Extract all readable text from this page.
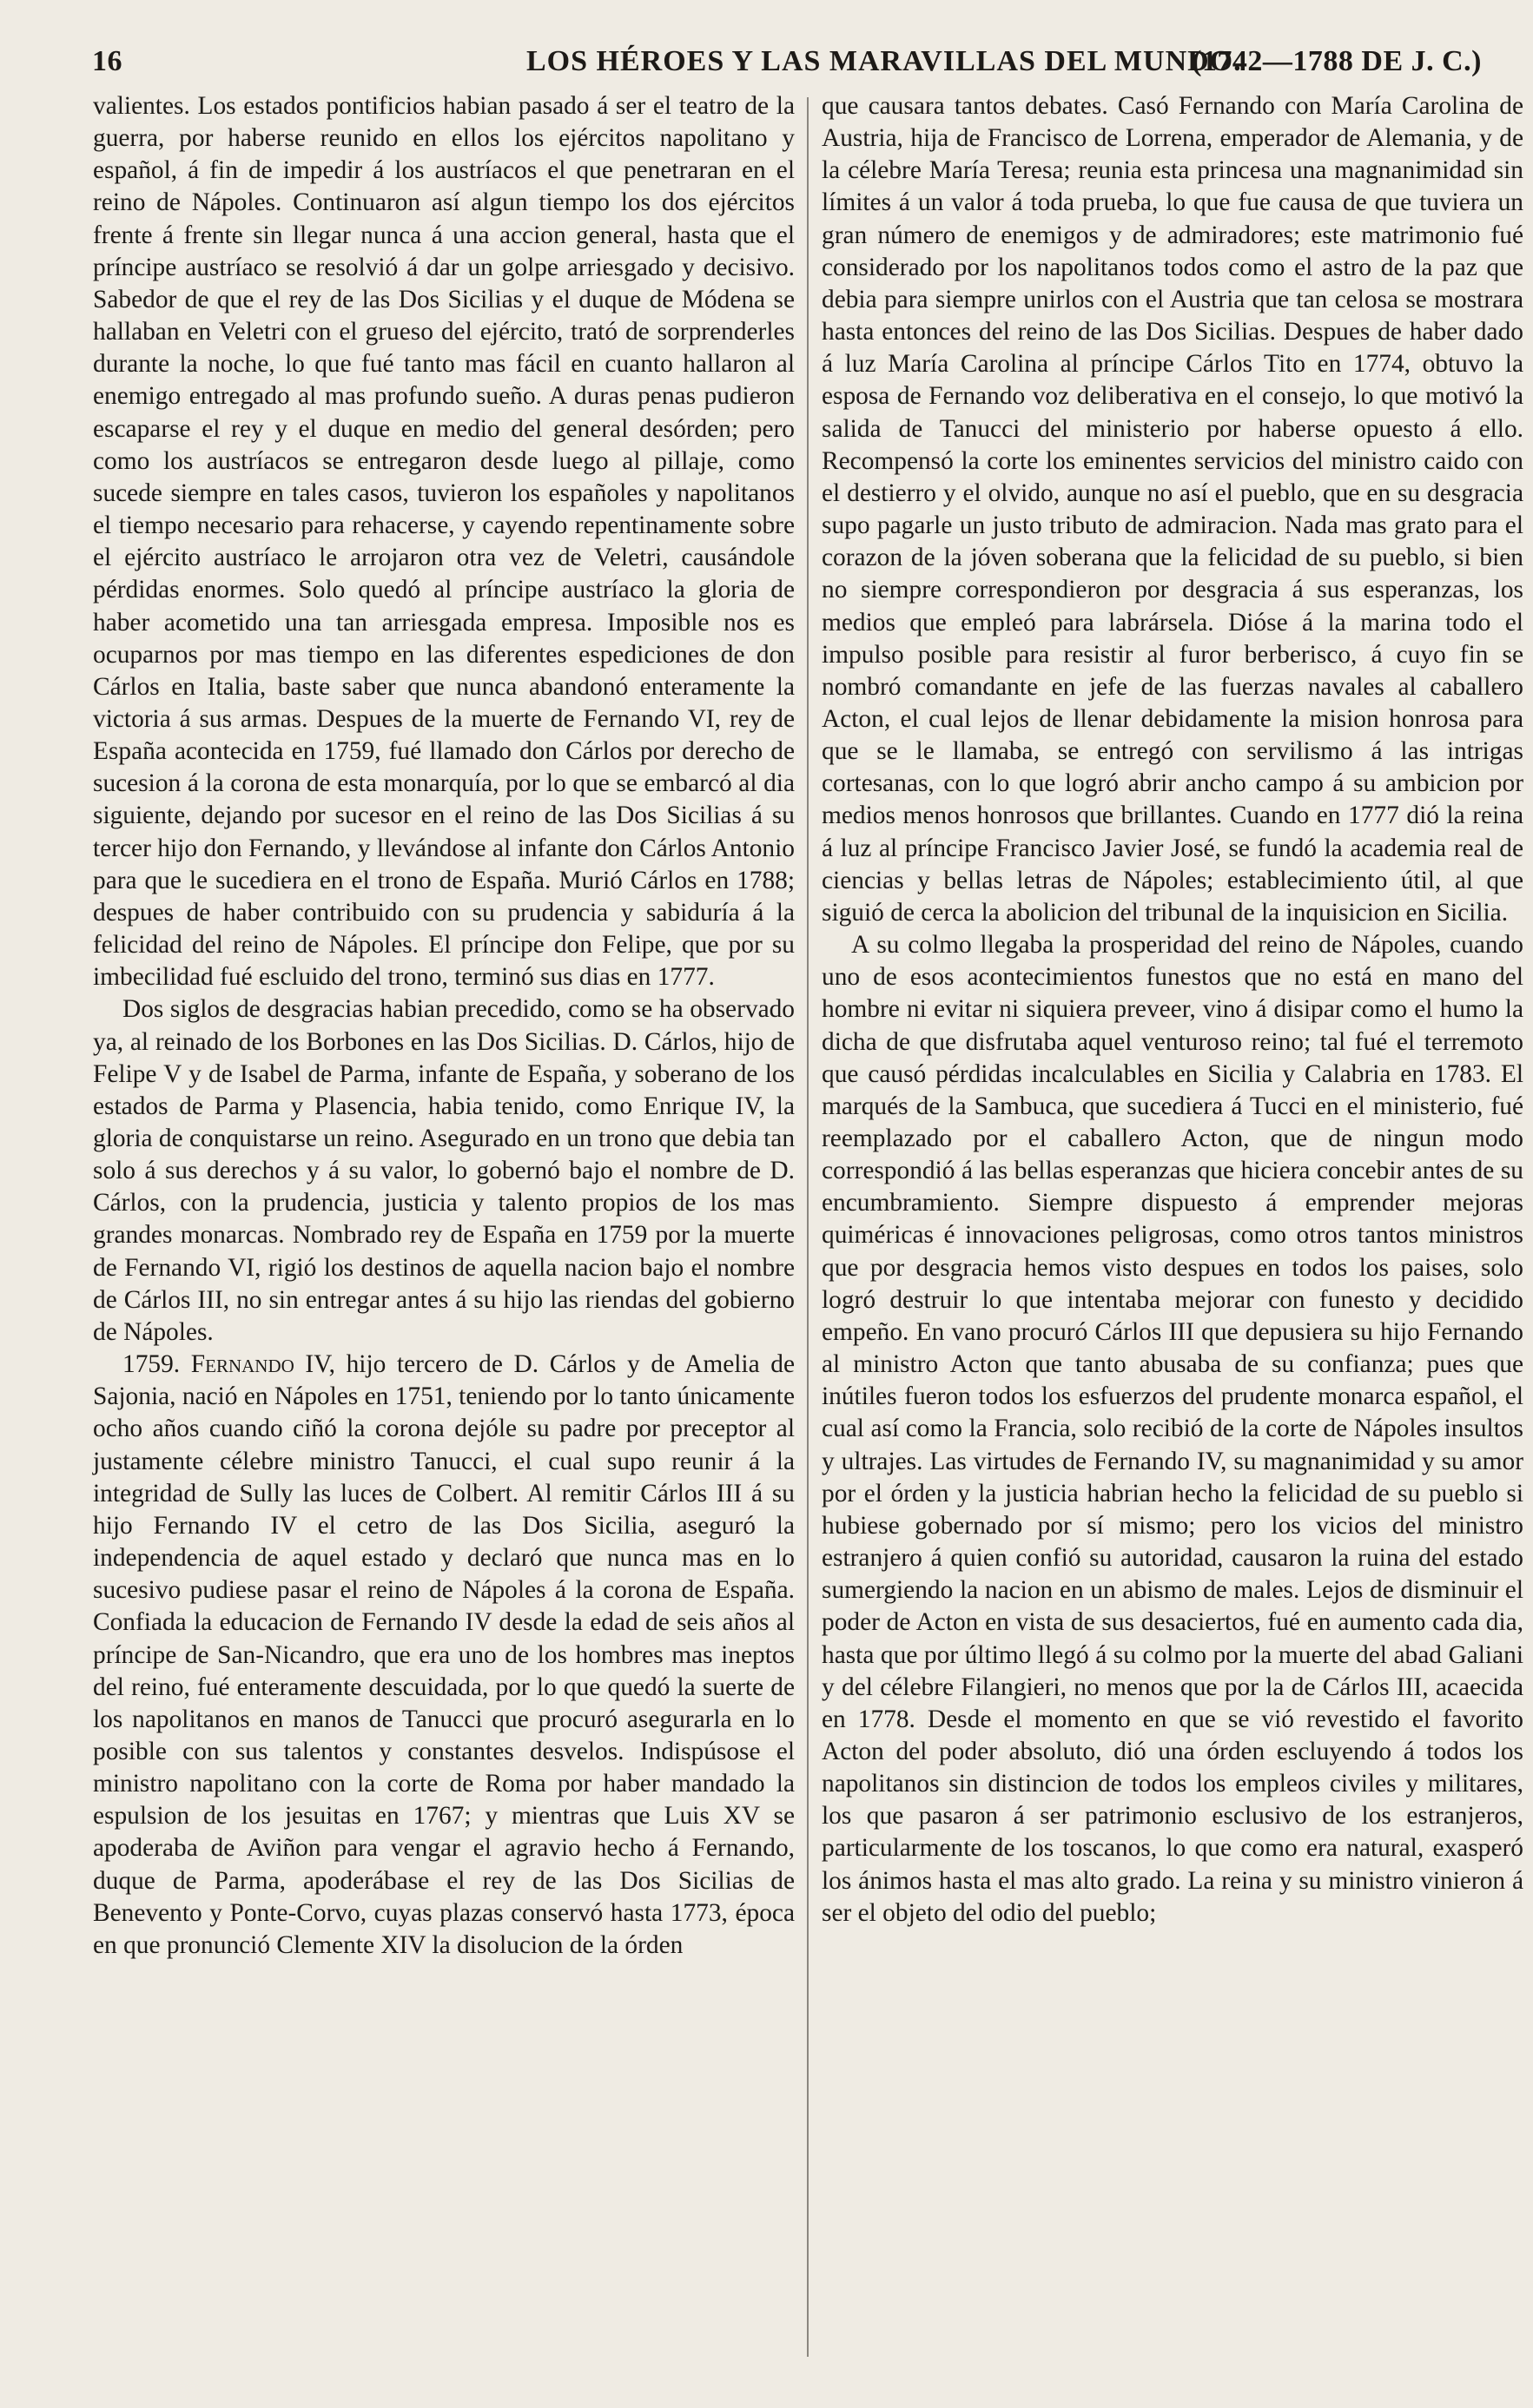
16	LOS HÉROES Y LAS MARAVILLAS DEL MUNDO.
(1742—1788 DE J. C.)

valientes. Los estados pontificios habian pasado á ser el teatro de la guerra, por haberse reunido en ellos los ejércitos napolitano y español, á fin de impedir á los austríacos el que penetraran en el reino de Nápoles. Continuaron así algun tiempo los dos ejércitos frente á frente sin llegar nunca á una accion general, hasta que el príncipe austríaco se resolvió á dar un golpe arriesgado y decisivo. Sabedor de que el rey de las Dos Sicilias y el duque de Módena se hallaban en Veletri con el grueso del ejército, trató de sorprenderles durante la noche, lo que fué tanto mas fácil en cuanto hallaron al enemigo entregado al mas profundo sueño. A duras penas pudieron escaparse el rey y el duque en medio del general desórden; pero como los austríacos se entregaron desde luego al pillaje, como sucede siempre en tales casos, tuvieron los españoles y napolitanos el tiempo necesario para rehacerse, y cayendo repentinamente sobre el ejército austríaco le arrojaron otra vez de Veletri, causándole pérdidas enormes. Solo quedó al príncipe austríaco la gloria de haber acometido una tan arriesgada empresa. Imposible nos es ocuparnos por mas tiempo en las diferentes espediciones de don Cárlos en Italia, baste saber que nunca abandonó enteramente la victoria á sus armas. Despues de la muerte de Fernando VI, rey de España acontecida en 1759, fué llamado don Cárlos por derecho de sucesion á la corona de esta monarquía, por lo que se embarcó al dia siguiente, dejando por sucesor en el reino de las Dos Sicilias á su tercer hijo don Fernando, y llevándose al infante don Cárlos Antonio para que le sucediera en el trono de España. Murió Cárlos en 1788; despues de haber contribuido con su prudencia y sabiduría á la felicidad del reino de Nápoles. El príncipe don Felipe, que por su imbecilidad fué escluido del trono, terminó sus dias en 1777.

Dos siglos de desgracias habian precedido, como se ha observado ya, al reinado de los Borbones en las Dos Sicilias. D. Cárlos, hijo de Felipe V y de Isabel de Parma, infante de España, y soberano de los estados de Parma y Plasencia, habia tenido, como Enrique IV, la gloria de conquistarse un reino. Asegurado en un trono que debia tan solo á sus derechos y á su valor, lo gobernó bajo el nombre de D. Cárlos, con la prudencia, justicia y talento propios de los mas grandes monarcas. Nombrado rey de España en 1759 por la muerte de Fernando VI, rigió los destinos de aquella nacion bajo el nombre de Cárlos III, no sin entregar antes á su hijo las riendas del gobierno de Nápoles.

1759. Fernando IV, hijo tercero de D. Cárlos y de Amelia de Sajonia, nació en Nápoles en 1751, teniendo por lo tanto únicamente ocho años cuando ciñó la corona dejóle su padre por preceptor al justamente célebre ministro Tanucci, el cual supo reunir á la integridad de Sully las luces de Colbert. Al remitir Cárlos III á su hijo Fernando IV el cetro de las Dos Sicilia, aseguró la independencia de aquel estado y declaró que nunca mas en lo sucesivo pudiese pasar el reino de Nápoles á la corona de España. Confiada la educacion de Fernando IV desde la edad de seis años al príncipe de San-Nicandro, que era uno de los hombres mas ineptos del reino, fué enteramente descuidada, por lo que quedó la suerte de los napolitanos en manos de Tanucci que procuró asegurarla en lo posible con sus talentos y constantes desvelos. Indispúsose el ministro napolitano con la corte de Roma por haber mandado la espulsion de los jesuitas en 1767; y mientras que Luis XV se apoderaba de Aviñon para vengar el agravio hecho á Fernando, duque de Parma, apoderábase el rey de las Dos Sicilias de Benevento y Ponte-Corvo, cuyas plazas conservó hasta 1773, época en que pronunció Clemente XIV la disolucion de la órden

que causara tantos debates. Casó Fernando con María Carolina de Austria, hija de Francisco de Lorrena, emperador de Alemania, y de la célebre María Teresa; reunia esta princesa una magnanimidad sin límites á un valor á toda prueba, lo que fue causa de que tuviera un gran número de enemigos y de admiradores; este matrimonio fué considerado por los napolitanos todos como el astro de la paz que debia para siempre unirlos con el Austria que tan celosa se mostrara hasta entonces del reino de las Dos Sicilias. Despues de haber dado á luz María Carolina al príncipe Cárlos Tito en 1774, obtuvo la esposa de Fernando voz deliberativa en el consejo, lo que motivó la salida de Tanucci del ministerio por haberse opuesto á ello. Recompensó la corte los eminentes servicios del ministro caido con el destierro y el olvido, aunque no así el pueblo, que en su desgracia supo pagarle un justo tributo de admiracion. Nada mas grato para el corazon de la jóven soberana que la felicidad de su pueblo, si bien no siempre correspondieron por desgracia á sus esperanzas, los medios que empleó para labrársela. Dióse á la marina todo el impulso posible para resistir al furor berberisco, á cuyo fin se nombró comandante en jefe de las fuerzas navales al caballero Acton, el cual lejos de llenar debidamente la mision honrosa para que se le llamaba, se entregó con servilismo á las intrigas cortesanas, con lo que logró abrir ancho campo á su ambicion por medios menos honrosos que brillantes. Cuando en 1777 dió la reina á luz al príncipe Francisco Javier José, se fundó la academia real de ciencias y bellas letras de Nápoles; establecimiento útil, al que siguió de cerca la abolicion del tribunal de la inquisicion en Sicilia.

A su colmo llegaba la prosperidad del reino de Nápoles, cuando uno de esos acontecimientos funestos que no está en mano del hombre ni evitar ni siquiera preveer, vino á disipar como el humo la dicha de que disfrutaba aquel venturoso reino; tal fué el terremoto que causó pérdidas incalculables en Sicilia y Calabria en 1783. El marqués de la Sambuca, que sucediera á Tucci en el ministerio, fué reemplazado por el caballero Acton, que de ningun modo correspondió á las bellas esperanzas que hiciera concebir antes de su encumbramiento. Siempre dispuesto á emprender mejoras quiméricas é innovaciones peligrosas, como otros tantos ministros que por desgracia hemos visto despues en todos los paises, solo logró destruir lo que intentaba mejorar con funesto y decidido empeño. En vano procuró Cárlos III que depusiera su hijo Fernando al ministro Acton que tanto abusaba de su confianza; pues que inútiles fueron todos los esfuerzos del prudente monarca español, el cual así como la Francia, solo recibió de la corte de Nápoles insultos y ultrajes. Las virtudes de Fernando IV, su magnanimidad y su amor por el órden y la justicia habrian hecho la felicidad de su pueblo si hubiese gobernado por sí mismo; pero los vicios del ministro estranjero á quien confió su autoridad, causaron la ruina del estado sumergiendo la nacion en un abismo de males. Lejos de disminuir el poder de Acton en vista de sus desaciertos, fué en aumento cada dia, hasta que por último llegó á su colmo por la muerte del abad Galiani y del célebre Filangieri, no menos que por la de Cárlos III, acaecida en 1778. Desde el momento en que se vió revestido el favorito Acton del poder absoluto, dió una órden escluyendo á todos los napolitanos sin distincion de todos los empleos civiles y militares, los que pasaron á ser patrimonio esclusivo de los estranjeros, particularmente de los toscanos, lo que como era natural, exasperó los ánimos hasta el mas alto grado. La reina y su ministro vinieron á ser el objeto del odio del pueblo;
